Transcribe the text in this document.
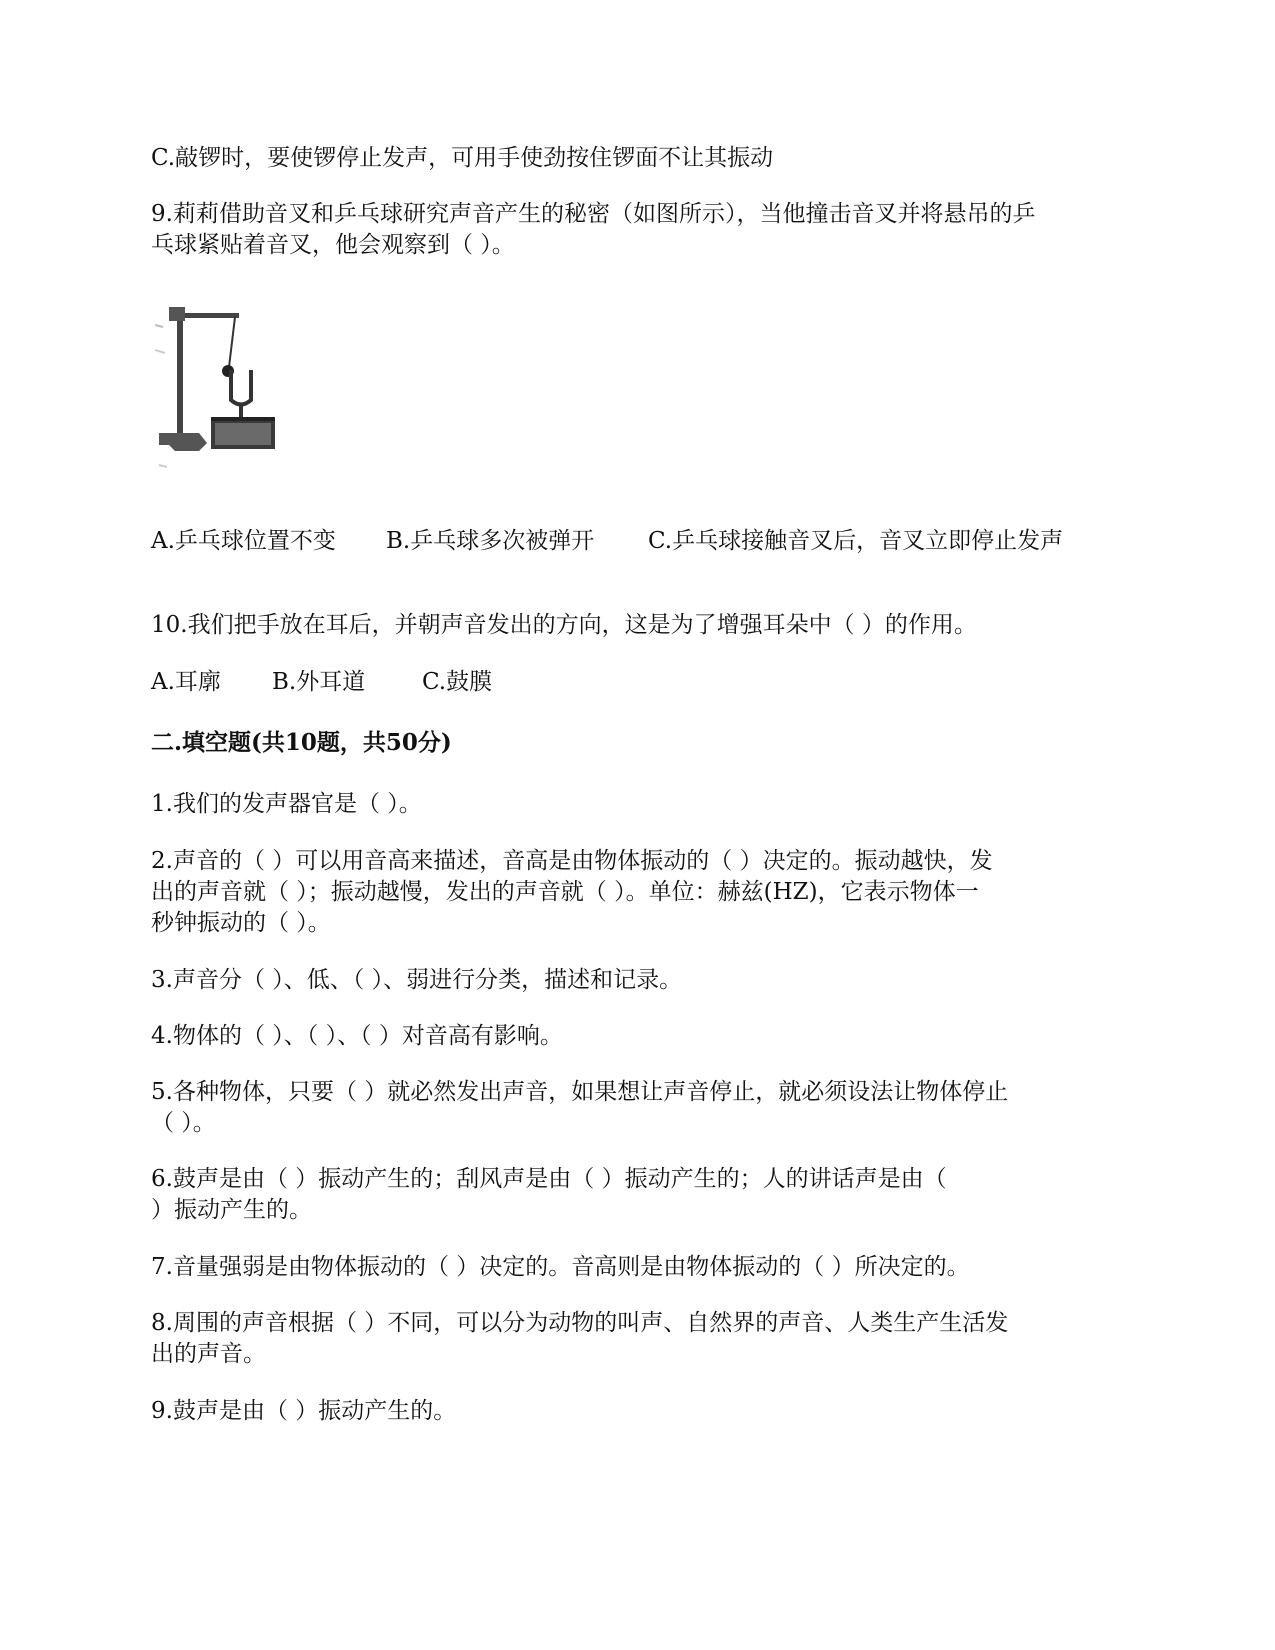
C.敲锣时，要使锣停止发声，可用手使劲按住锣面不让其振动
9.莉莉借助音叉和乒乓球研究声音产生的秘密（如图所示），当他撞击音叉并将悬吊的乒
乓球紧贴着音叉，他会观察到（ ）。
A.乒乓球位置不变 B.乒乓球多次被弹开 C.乒乓球接触音叉后，音叉立即停止发声
10.我们把手放在耳后，并朝声音发出的方向，这是为了增强耳朵中（ ）的作用。
A.耳廓 B.外耳道 C.鼓膜
二.填空题(共10题，共50分)
1.我们的发声器官是（ ）。
2.声音的（ ）可以用音高来描述，音高是由物体振动的（ ）决定的。振动越快，发
出的声音就（ ）；振动越慢，发出的声音就（ ）。单位：赫兹(HZ)，它表示物体一
秒钟振动的（ ）。
3.声音分（ ）、低、（ ）、弱进行分类，描述和记录。
4.物体的（ ）、（ ）、（ ）对音高有影响。
5.各种物体，只要（ ）就必然发出声音，如果想让声音停止，就必须设法让物体停止
（ ）。
6.鼓声是由（ ）振动产生的；刮风声是由（ ）振动产生的；人的讲话声是由（
）振动产生的。
7.音量强弱是由物体振动的（ ）决定的。音高则是由物体振动的（ ）所决定的。
8.周围的声音根据（ ）不同，可以分为动物的叫声、自然界的声音、人类生产生活发
出的声音。
9.鼓声是由（ ）振动产生的。
